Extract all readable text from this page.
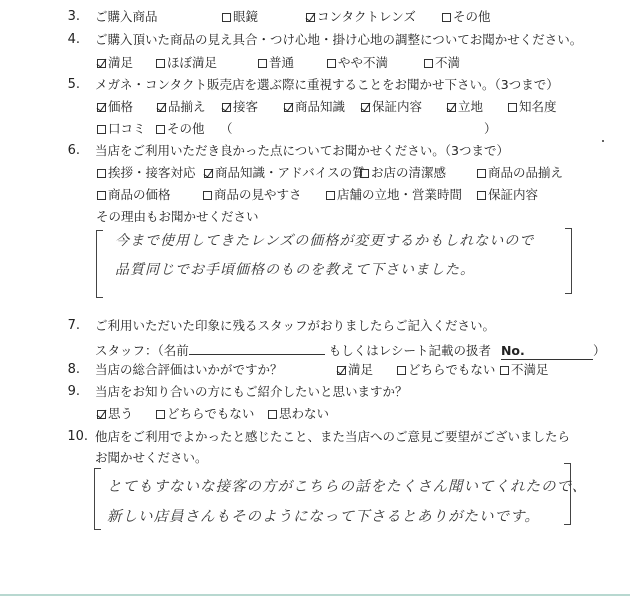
3. ご購入商品	眼鏡	コンタクトレンズ	その他
4. ご購入頂いた商品の見え具合・つけ心地・掛け心地の調整についてお聞かせください。
満足	ほぼ満足	普通	やや不満	不満
5. メガネ・コンタクト販売店を選ぶ際に重視することをお聞かせ下さい。（3つまで）
価格	品揃え	接客	商品知識	保証内容	立地	知名度
口コミ	その他 （	）
6. 当店をご利用いただき良かった点についてお聞かせください。（3つまで）
挨拶・接客対応	商品知識・アドバイスの質 お店の清潔感	商品の品揃え
商品の価格	商品の見やすさ	店舗の立地・営業時間	保証内容
その理由もお聞かせください
今まで使用してきたレンズの価格が変更するかもしれないので
品質同じでお手頃価格のものを教えて下さいました。
7. ご利用いただいた印象に残るスタッフがおりましたらご記入ください。
スタッフ：（名前	もしくはレシート記載の扱者 No.	）
8. 当店の総合評価はいかがですか？	満足	どちらでもない	不満足
9. 当店をお知り合いの方にもご紹介したいと思いますか？
思う	どちらでもない	思わない
10. 他店をご利用でよかったと感じたこと、また当店へのご意見ご要望がございましたら
お聞かせください。
とてもすないな接客の方がこちらの話をたくさん聞いてくれたので、
新しい店員さんもそのようになって下さるとありがたいです。
